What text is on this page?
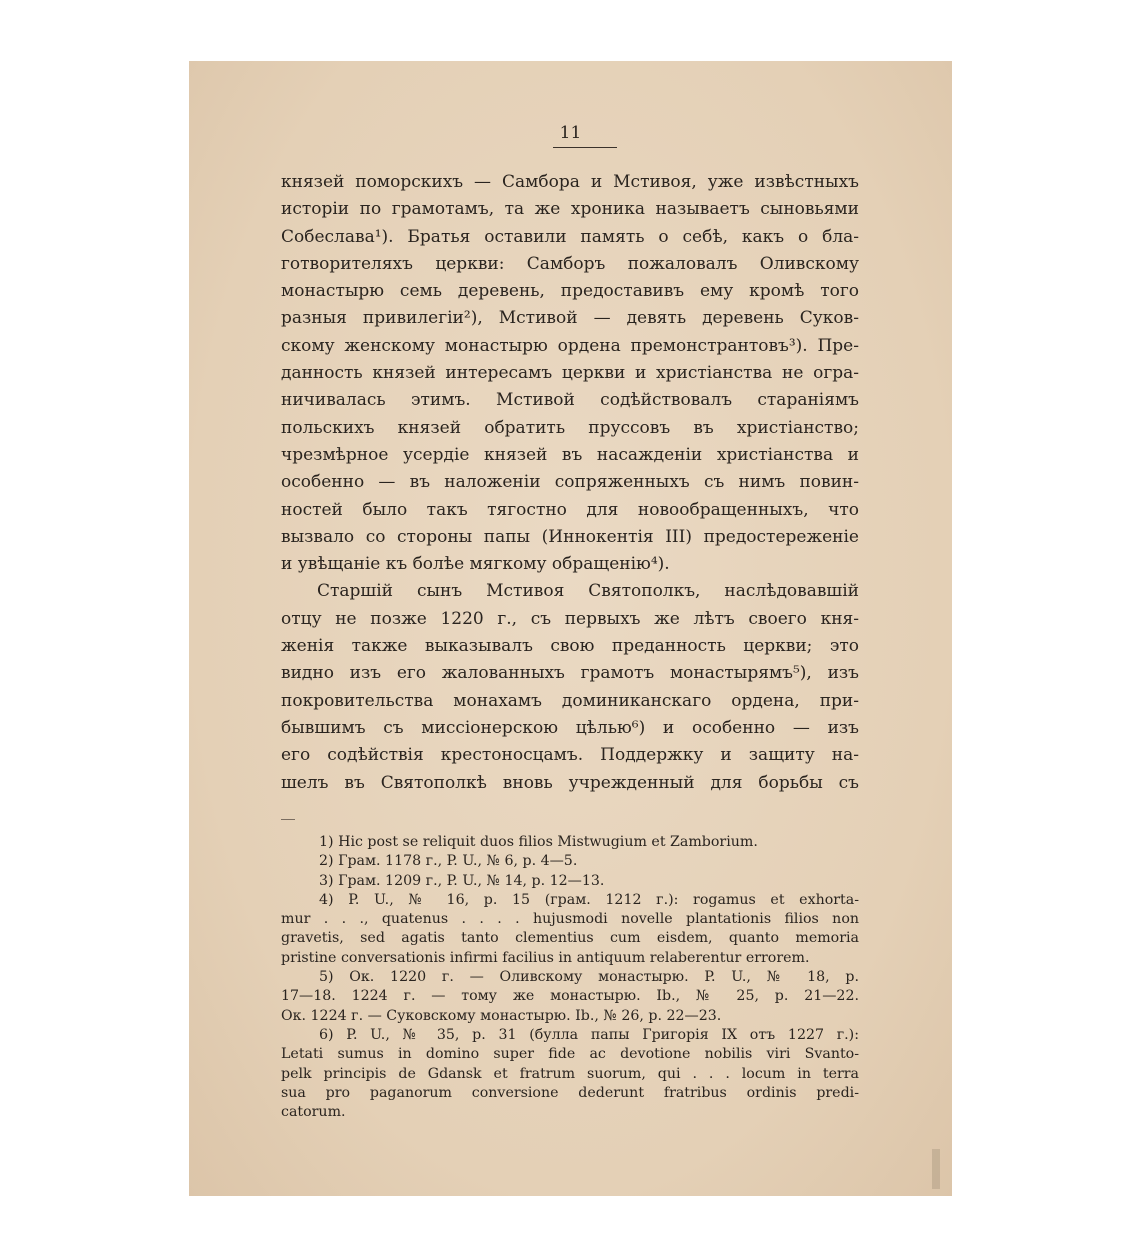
11
князей поморскихъ — Самбора и Мстивоя, уже извѣстныхъ
исторіи по грамотамъ, та же хроника называетъ сыновьями
Собеслава¹). Братья оставили память о себѣ, какъ о бла-
готворителяхъ церкви: Самборъ пожаловалъ Оливскому
монастырю семь деревень, предоставивъ ему кромѣ того
разныя привилегіи²), Мстивой — девять деревень Суков-
скому женскому монастырю ордена премонстрантовъ³). Пре-
данность князей интересамъ церкви и христіанства не огра-
ничивалась этимъ. Мстивой содѣйствовалъ стараніямъ
польскихъ князей обратить пруссовъ въ христіанство;
чрезмѣрное усердіе князей въ насажденіи христіанства и
особенно — въ наложеніи сопряженныхъ съ нимъ повин-
ностей было такъ тягостно для новообращенныхъ, что
вызвало со стороны папы (Иннокентія III) предостереженіе
и увѣщаніе къ болѣе мягкому обращенію⁴).
Старшій сынъ Мстивоя Святополкъ, наслѣдовавшій
отцу не позже 1220 г., съ первыхъ же лѣтъ своего кня-
женія также выказывалъ свою преданность церкви; это
видно изъ его жалованныхъ грамотъ монастырямъ⁵), изъ
покровительства монахамъ доминиканскаго ордена, при-
бывшимъ съ миссіонерскою цѣлью⁶) и особенно — изъ
его содѣйствія крестоносцамъ. Поддержку и защиту на-
шелъ въ Святополкѣ вновь учрежденный для борьбы съ
1) Hic post se reliquit duos filios Mistwugium et Zamborium.
2) Грам. 1178 г., P. U., № 6, p. 4—5.
3) Грам. 1209 г., P. U., № 14, p. 12—13.
4) P. U., № 16, p. 15 (грам. 1212 г.): rogamus et exhorta-
mur . . ., quatenus . . . . hujusmodi novelle plantationis filios non
gravetis, sed agatis tanto clementius cum eisdem, quanto memoria
pristine conversationis infirmi facilius in antiquum relaberentur errorem.
5) Ок. 1220 г. — Оливскому монастырю. P. U., № 18, p.
17—18. 1224 г. — тому же монастырю. Ib., № 25, p. 21—22.
Ок. 1224 г. — Суковскому монастырю. Ib., № 26, p. 22—23.
6) P. U., № 35, p. 31 (булла папы Григорія IX отъ 1227 г.):
Letati sumus in domino super fide ac devotione nobilis viri Svanto-
pelk principis de Gdansk et fratrum suorum, qui . . . locum in terra
sua pro paganorum conversione dederunt fratribus ordinis predi-
catorum.
